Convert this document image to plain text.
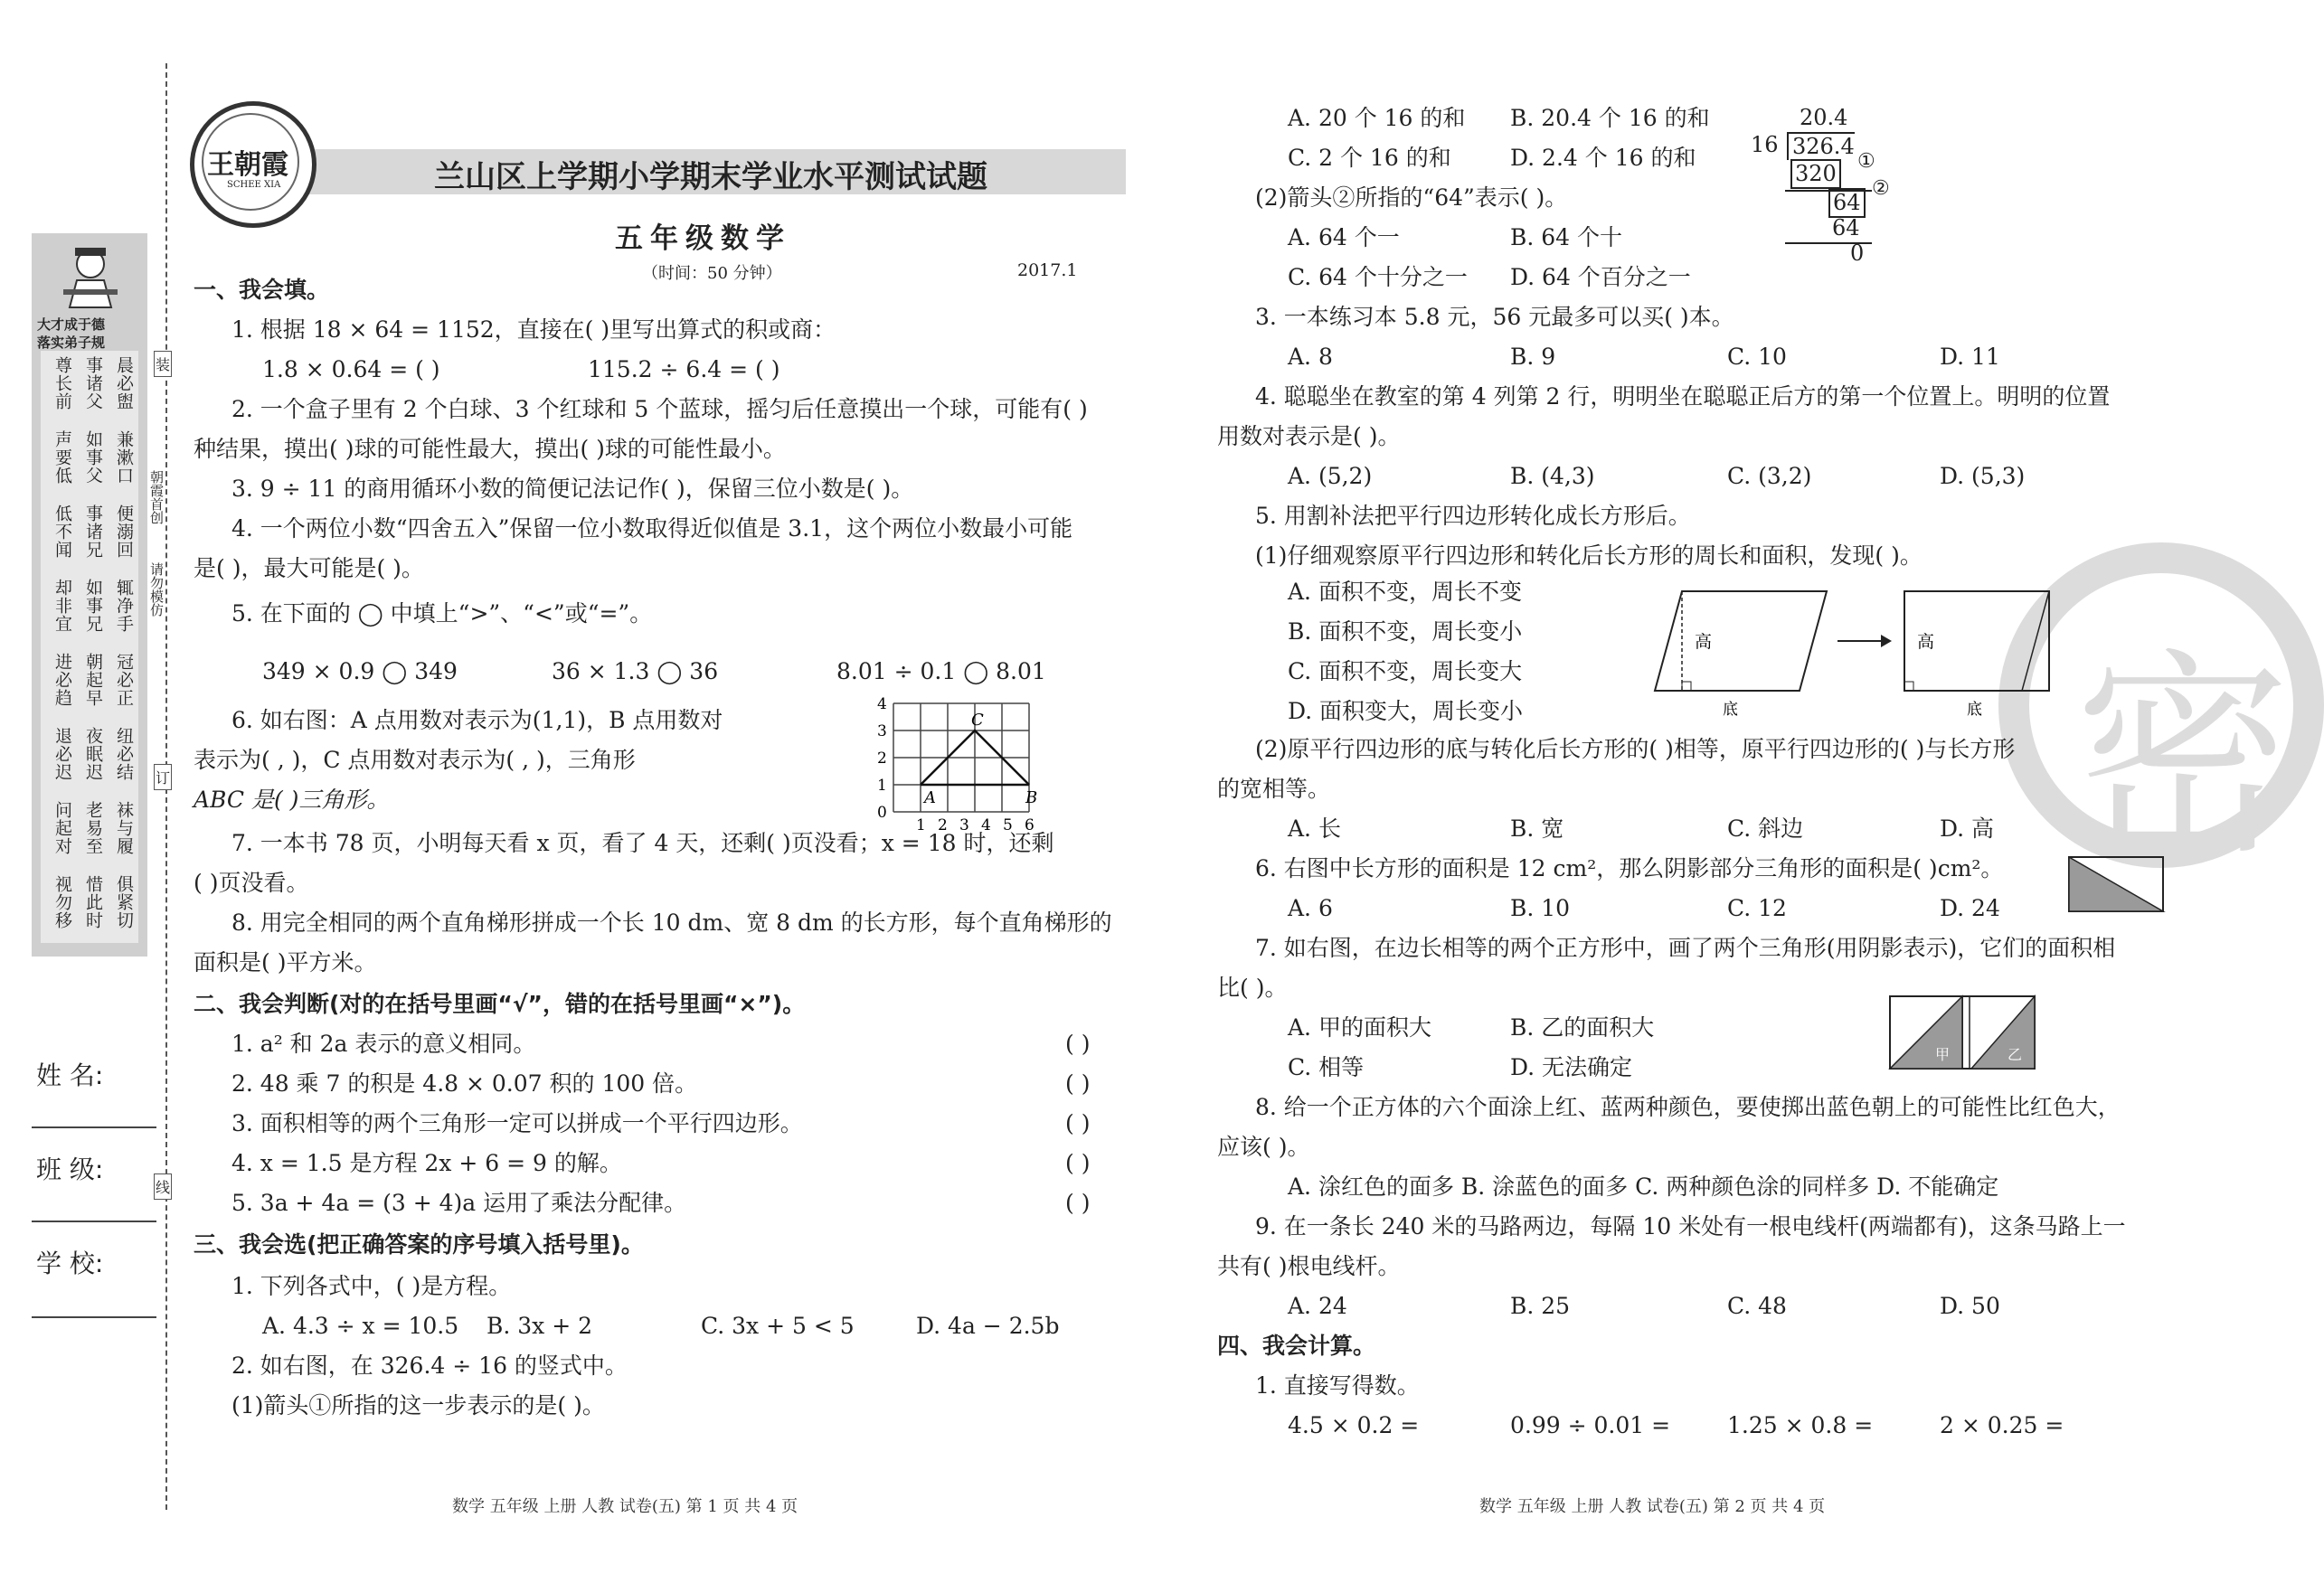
装
订
线
朝霞首创
请勿模仿
大才成于德
落实弟子规
晨必盥
事诸父
尊长前
兼漱口
如事父
声要低
便溺回
事诸兄
低不闻
辄净手
如事兄
却非宜
冠必正
朝起早
进必趋
纽必结
夜眠迟
退必迟
袜与履
老易至
问起对
俱紧切
惜此时
视勿移
姓 名:
班 级:
学 校:
王朝霞
SCHEE XIA	兰山区上学期小学期末学业水平测试试题
五年级数学
（时间：50 分钟）	2017.1
一、我会填。
1. 根据 18 × 64 = 1152，直接在( )里写出算式的积或商：
1.8 × 0.64 = ( )	115.2 ÷ 6.4 = ( )
2. 一个盒子里有 2 个白球、3 个红球和 5 个蓝球，摇匀后任意摸出一个球，可能有( )
种结果，摸出( )球的可能性最大，摸出( )球的可能性最小。
3. 9 ÷ 11 的商用循环小数的简便记法记作( )，保留三位小数是( )。
4. 一个两位小数“四舍五入”保留一位小数取得近似值是 3.1，这个两位小数最小可能
是( )，最大可能是( )。
5. 在下面的 ◯ 中填上“>”、“<”或“=”。
349 × 0.9 ◯ 349	36 × 1.3 ◯ 36	8.01 ÷ 0.1 ◯ 8.01
6. 如右图：A 点用数对表示为(1,1)，B 点用数对
表示为( , )，C 点用数对表示为( , )，三角形
ABC 是( )三角形。
4
3
2
1
0
1 2 3 4 5 6
A	B
C
7. 一本书 78 页，小明每天看 x 页，看了 4 天，还剩( )页没看；x = 18 时，还剩
( )页没看。
8. 用完全相同的两个直角梯形拼成一个长 10 dm、宽 8 dm 的长方形，每个直角梯形的
面积是( )平方米。
二、我会判断(对的在括号里画“√”，错的在括号里画“×”)。
1. a² 和 2a 表示的意义相同。	( )
2. 48 乘 7 的积是 4.8 × 0.07 积的 100 倍。	( )
3. 面积相等的两个三角形一定可以拼成一个平行四边形。	( )
4. x = 1.5 是方程 2x + 6 = 9 的解。	( )
5. 3a + 4a = (3 + 4)a 运用了乘法分配律。	( )
三、我会选(把正确答案的序号填入括号里)。
1. 下列各式中，( )是方程。
A. 4.3 ÷ x = 10.5 B. 3x + 2	C. 3x + 5 < 5	D. 4a − 2.5b
2. 如右图，在 326.4 ÷ 16 的竖式中。
(1)箭头①所指的这一步表示的是( )。
数学 五年级 上册 人教 试卷(五) 第 1 页 共 4 页
密
A. 20 个 16 的和 B. 20.4 个 16 的和
C. 2 个 16 的和	D. 2.4 个 16 的和
20.4
16 326.4
320 ①
64
②
64
0
(2)箭头②所指的“64”表示( )。
A. 64 个一	B. 64 个十
C. 64 个十分之一 D. 64 个百分之一
3. 一本练习本 5.8 元，56 元最多可以买( )本。
A. 8	B. 9	C. 10	D. 11
4. 聪聪坐在教室的第 4 列第 2 行，明明坐在聪聪正后方的第一个位置上。明明的位置
用数对表示是( )。
A. (5,2)	B. (4,3)	C. (3,2)	D. (5,3)
5. 用割补法把平行四边形转化成长方形后。
(1)仔细观察原平行四边形和转化后长方形的周长和面积，发现( )。
A. 面积不变，周长不变
B. 面积不变，周长变小
C. 面积不变，周长变大
D. 面积变大，周长变小
高	高
底	底
(2)原平行四边形的底与转化后长方形的( )相等，原平行四边形的( )与长方形
的宽相等。
A. 长	B. 宽	C. 斜边	D. 高
6. 右图中长方形的面积是 12 cm²，那么阴影部分三角形的面积是( )cm²。
A. 6	B. 10	C. 12	D. 24
7. 如右图，在边长相等的两个正方形中，画了两个三角形(用阴影表示)，它们的面积相
比( )。
A. 甲的面积大	B. 乙的面积大
C. 相等	D. 无法确定	甲	乙
8. 给一个正方体的六个面涂上红、蓝两种颜色，要使掷出蓝色朝上的可能性比红色大，
应该( )。
A. 涂红色的面多 B. 涂蓝色的面多 C. 两种颜色涂的同样多 D. 不能确定
9. 在一条长 240 米的马路两边，每隔 10 米处有一根电线杆(两端都有)，这条马路上一
共有( )根电线杆。
A. 24	B. 25	C. 48	D. 50
四、我会计算。
1. 直接写得数。
4.5 × 0.2 =	0.99 ÷ 0.01 =	1.25 × 0.8 =	2 × 0.25 =
数学 五年级 上册 人教 试卷(五) 第 2 页 共 4 页
